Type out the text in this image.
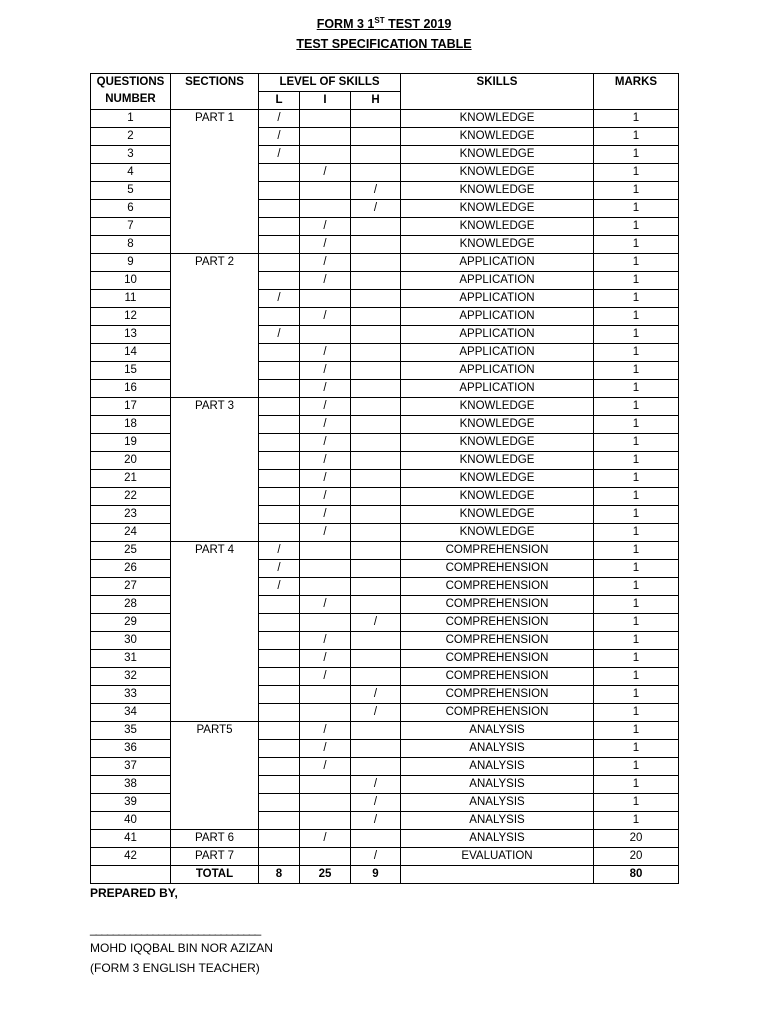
FORM 3 1ST TEST 2019
TEST SPECIFICATION TABLE
QUESTIONS NUMBER	SECTIONS	LEVEL OF SKILLS			SKILLS	MARKS
		L	I	H		
1	PART 1	/			KNOWLEDGE	1
2		/			KNOWLEDGE	1
3		/			KNOWLEDGE	1
4			/		KNOWLEDGE	1
5				/	KNOWLEDGE	1
6				/	KNOWLEDGE	1
7			/		KNOWLEDGE	1
8			/		KNOWLEDGE	1
9	PART 2		/		APPLICATION	1
10			/		APPLICATION	1
11		/			APPLICATION	1
12			/		APPLICATION	1
13		/			APPLICATION	1
14			/		APPLICATION	1
15			/		APPLICATION	1
16			/		APPLICATION	1
17	PART 3		/		KNOWLEDGE	1
18			/		KNOWLEDGE	1
19			/		KNOWLEDGE	1
20			/		KNOWLEDGE	1
21			/		KNOWLEDGE	1
22			/		KNOWLEDGE	1
23			/		KNOWLEDGE	1
24			/		KNOWLEDGE	1
25	PART 4	/			COMPREHENSION	1
26		/			COMPREHENSION	1
27		/			COMPREHENSION	1
28			/		COMPREHENSION	1
29				/	COMPREHENSION	1
30			/		COMPREHENSION	1
31			/		COMPREHENSION	1
32			/		COMPREHENSION	1
33				/	COMPREHENSION	1
34				/	COMPREHENSION	1
35	PART5		/		ANALYSIS	1
36			/		ANALYSIS	1
37			/		ANALYSIS	1
38				/	ANALYSIS	1
39				/	ANALYSIS	1
40				/	ANALYSIS	1
41	PART 6		/		ANALYSIS	20
42	PART 7			/	EVALUATION	20
	TOTAL	8	25	9		80
PREPARED BY,
______________________________
MOHD IQQBAL BIN NOR AZIZAN
(FORM 3 ENGLISH TEACHER)
